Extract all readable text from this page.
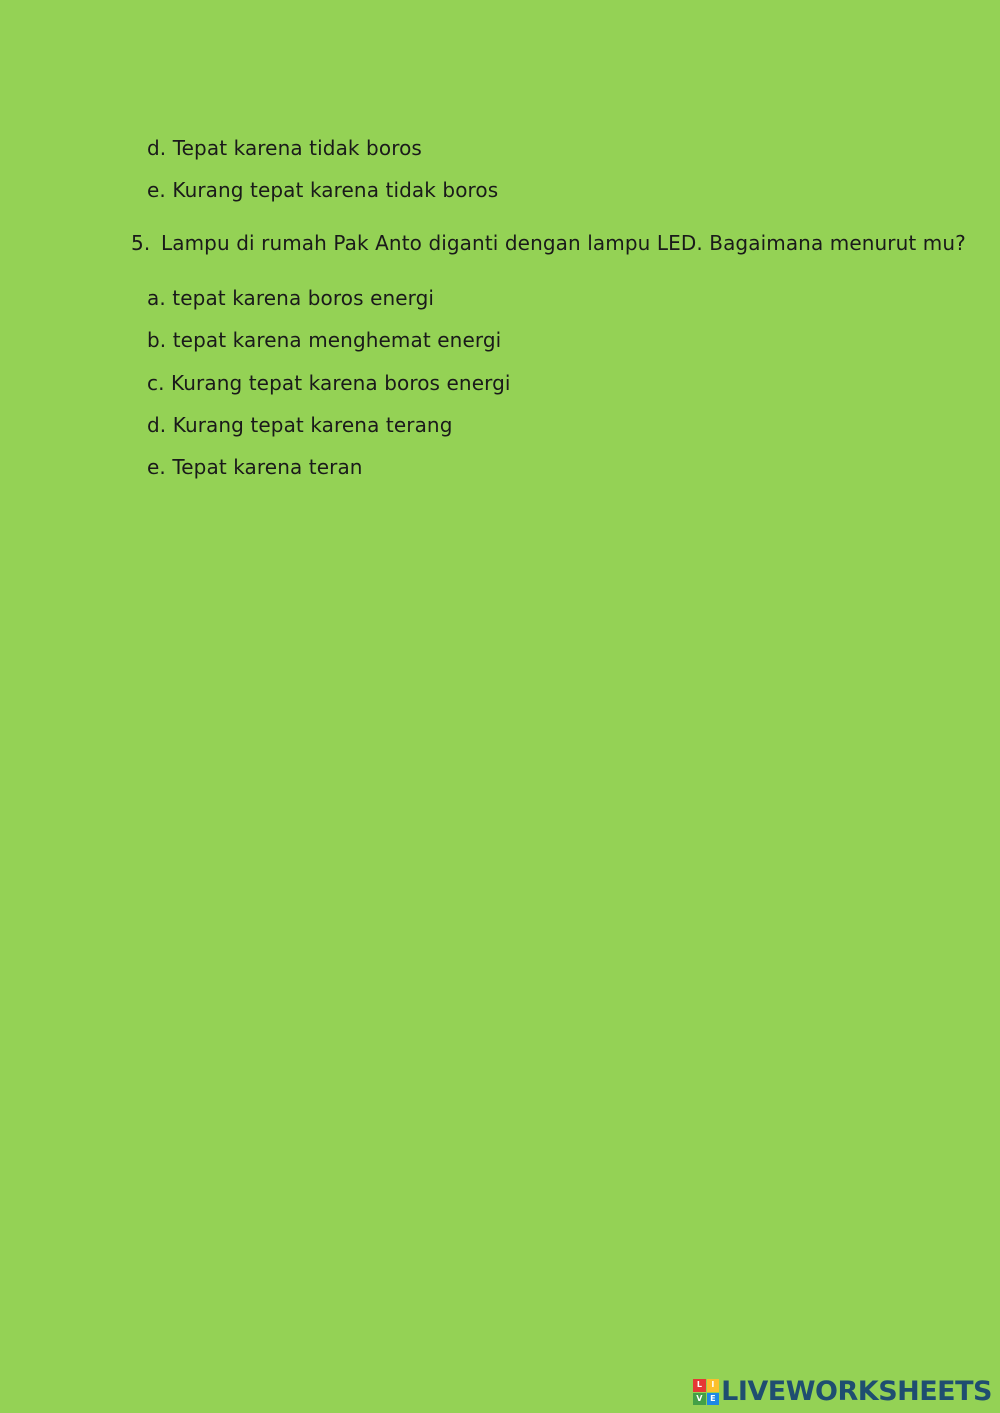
d. Tepat karena tidak boros
e. Kurang tepat karena tidak boros
5. Lampu di rumah Pak Anto diganti dengan lampu LED. Bagaimana menurut mu?
a. tepat karena boros energi
b. tepat karena menghemat energi
c. Kurang tepat karena boros energi
d. Kurang tepat karena terang
e. Tepat karena teran
L	I
V E LIVEWORKSHEETS
